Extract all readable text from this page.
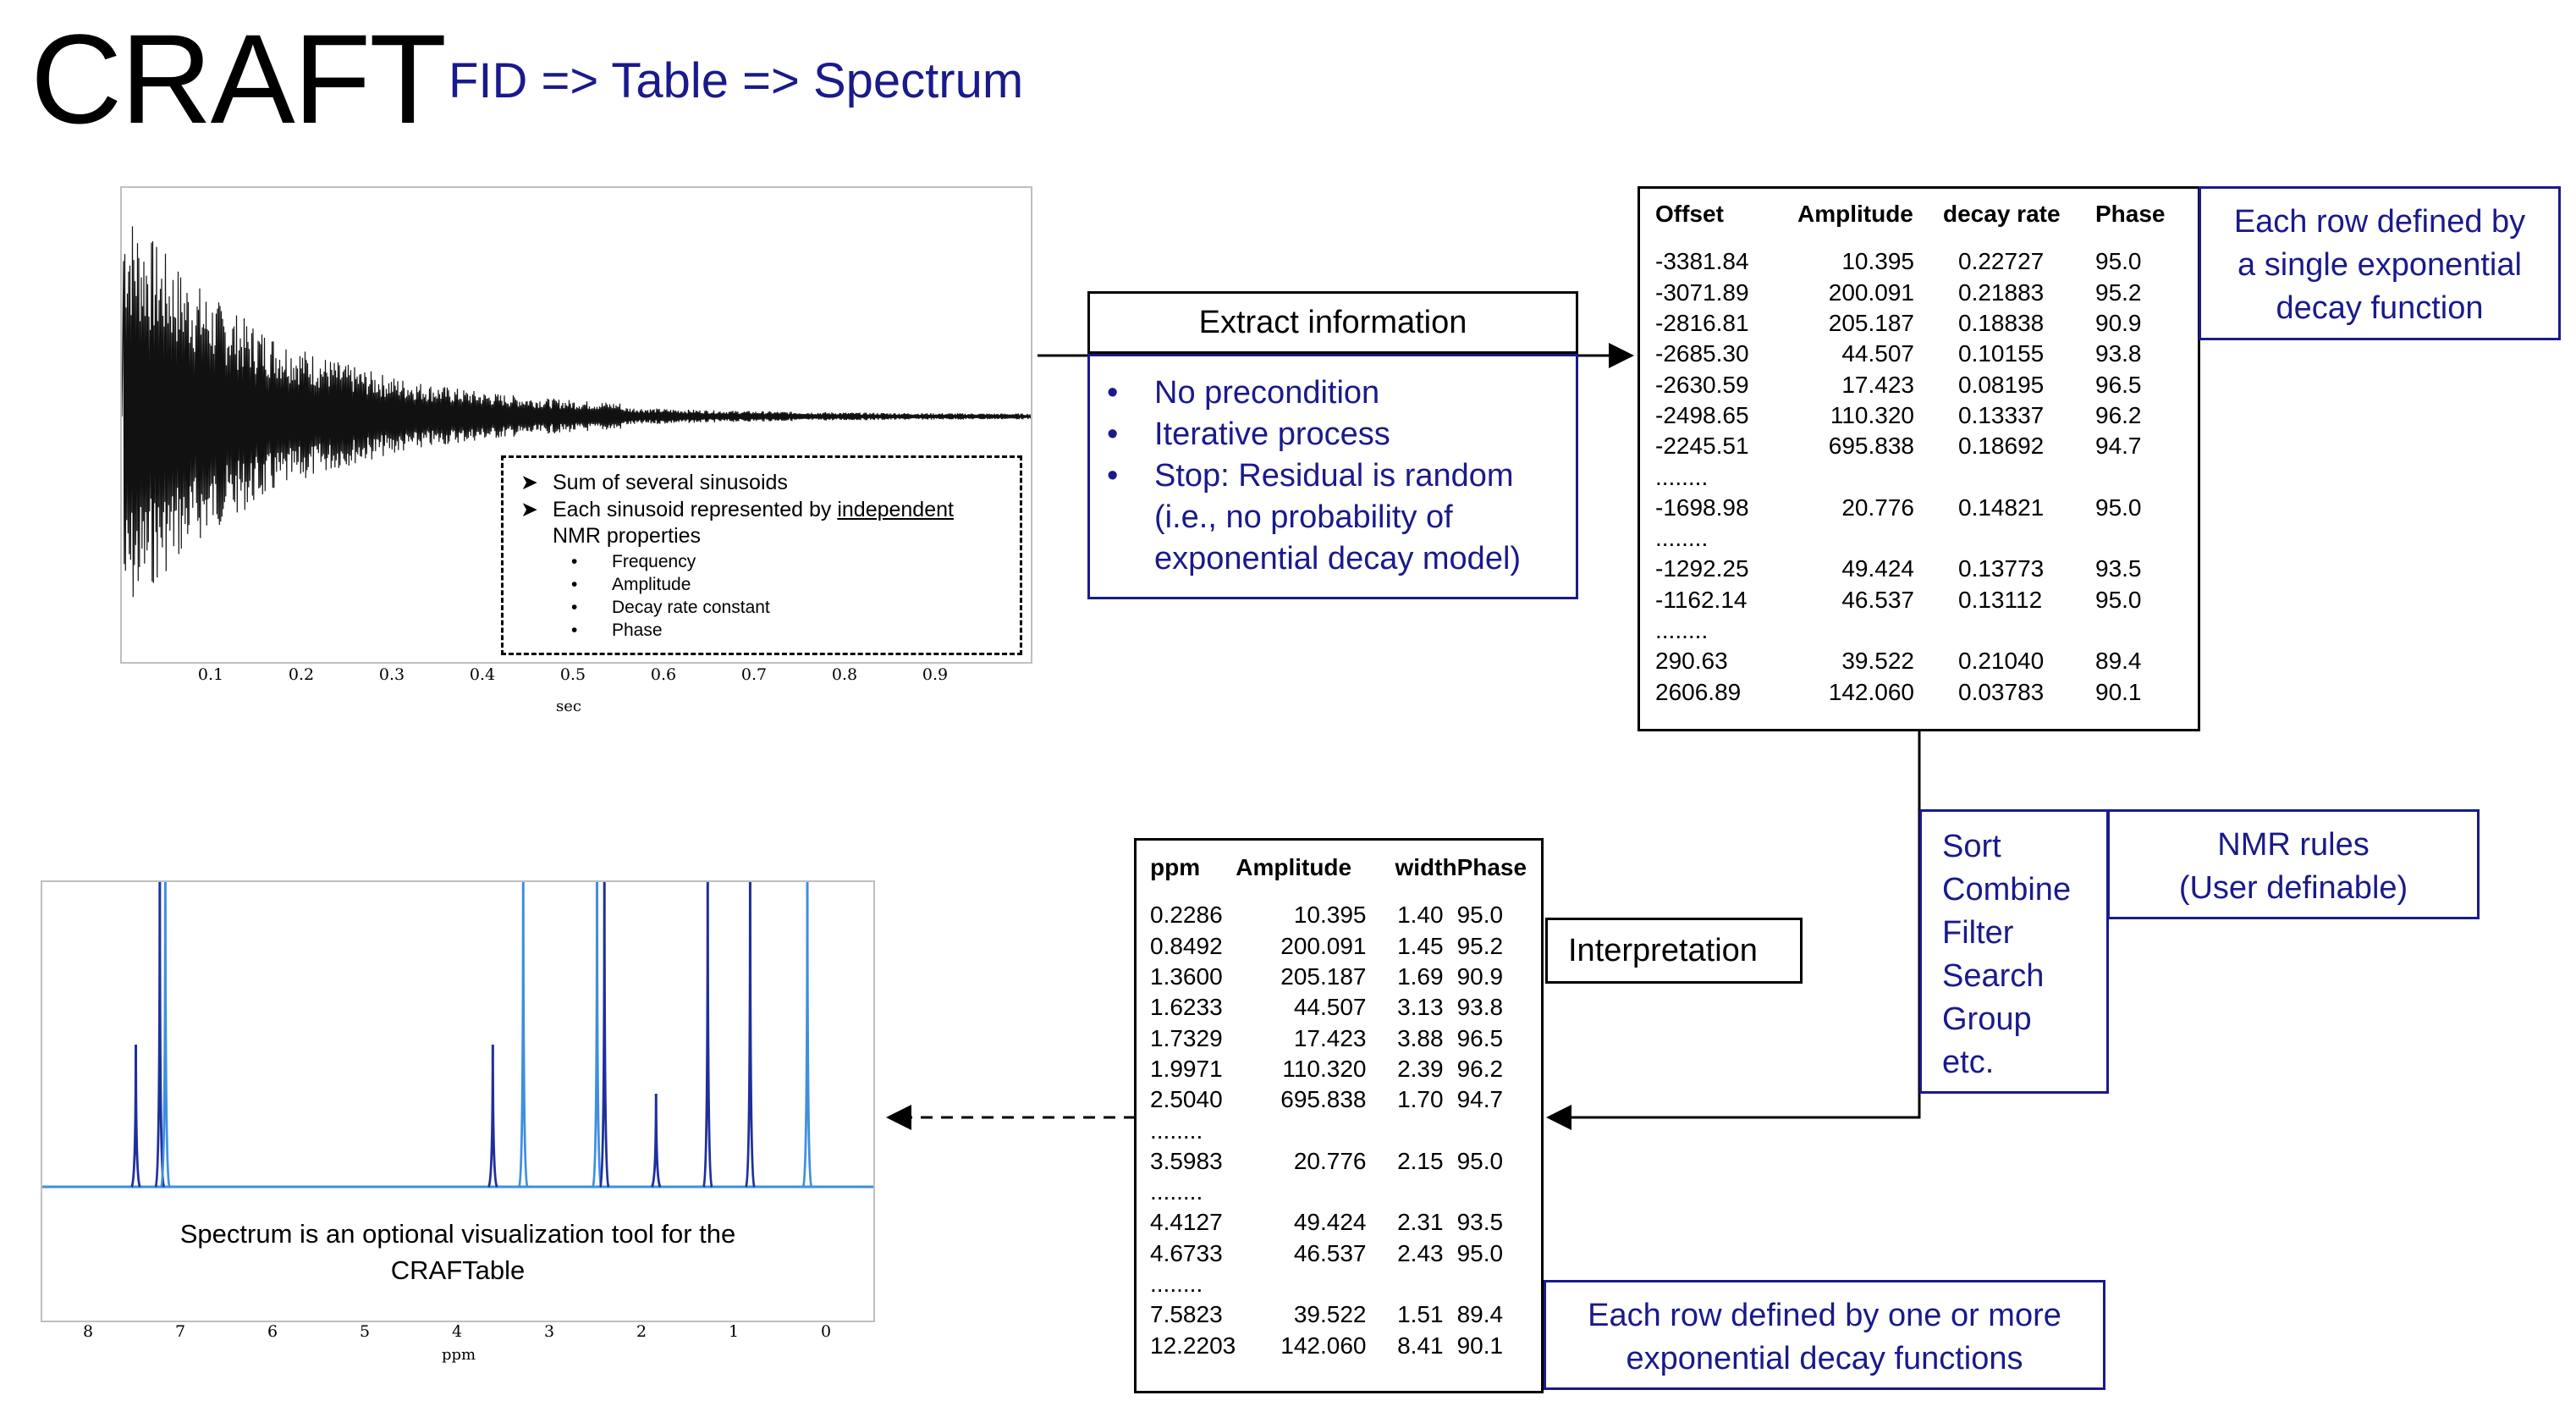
CRAFT FID => Table => Spectrum
0.1	0.2	0.3	0.4	0.5	0.6	0.7	0.8	0.9
sec
➤ Sum of several sinusoids
➤ Each sinusoid represented by independent
NMR properties
• Frequency
• Amplitude
• Decay rate constant
• Phase
Extract information
• No precondition
• Iterative process
• Stop: Residual is random
(i.e., no probability of
exponential decay model)
Offset	Amplitude	decay rate	Phase

-3381.84	10.395	0.22727	95.0
-3071.89	200.091	0.21883	95.2
-2816.81	205.187	0.18838	90.9
-2685.30	44.507	0.10155	93.8
-2630.59	17.423	0.08195	96.5
-2498.65	110.320	0.13337	96.2
-2245.51	695.838	0.18692	94.7
........			
-1698.98	20.776	0.14821	95.0
........			
-1292.25	49.424	0.13773	93.5
-1162.14	46.537	0.13112	95.0
........			
290.63	39.522	0.21040	89.4
2606.89	142.060	0.03783	90.1
Each row defined by
a single exponential
decay function
Sort
Combine
Filter
Search
Group
etc.
NMR rules
(User definable)
Interpretation
ppm	Amplitude	width	Phase

0.2286	10.395	1.40	95.0
0.8492	200.091	1.45	95.2
1.3600	205.187	1.69	90.9
1.6233	44.507	3.13	93.8
1.7329	17.423	3.88	96.5
1.9971	110.320	2.39	96.2
2.5040	695.838	1.70	94.7
........			
3.5983	20.776	2.15	95.0
........			
4.4127	49.424	2.31	93.5
4.6733	46.537	2.43	95.0
........			
7.5823	39.522	1.51	89.4
12.2203	142.060	8.41	90.1
Each row defined by one or more
exponential decay functions
Spectrum is an optional visualization tool for the
CRAFTable
8	7	6	5	4	3	2	1	0
ppm
